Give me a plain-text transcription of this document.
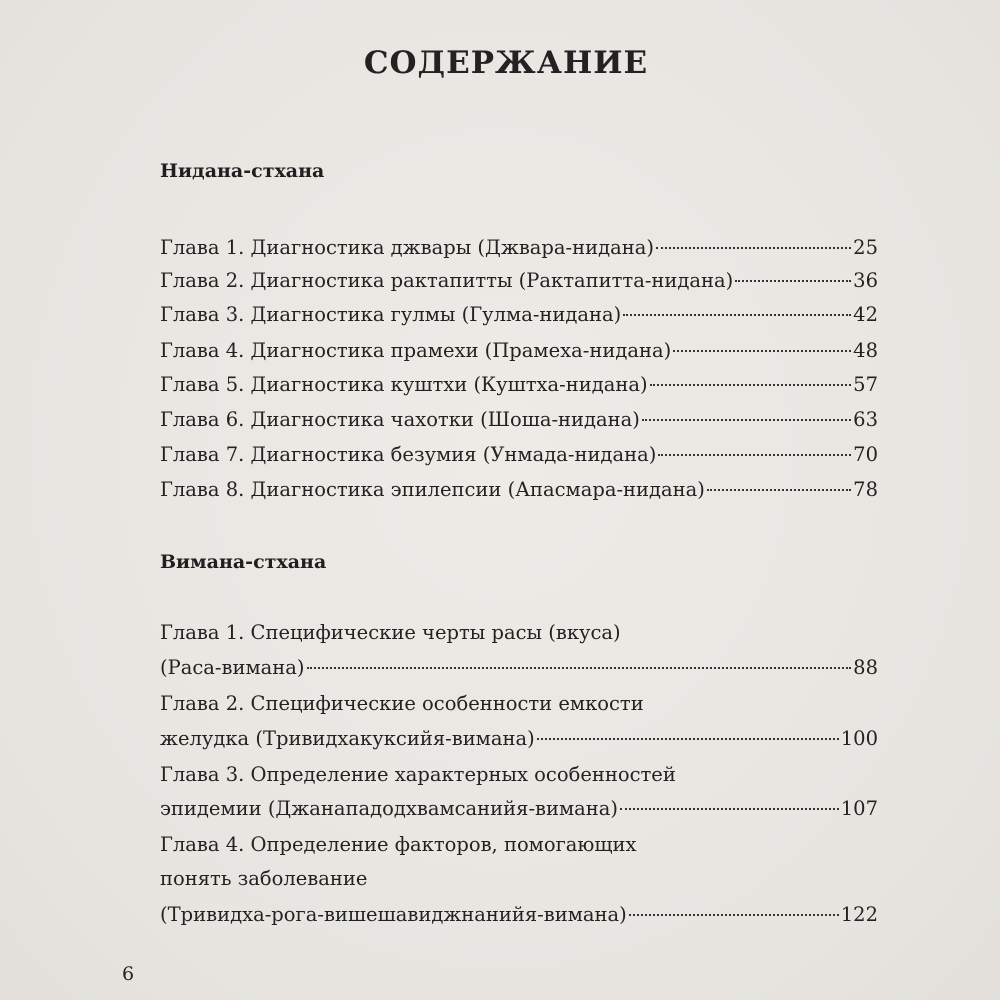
СОДЕРЖАНИЕ
Нидана-стхана
Глава 1. Диагностика джвары (Джвара-нидана)	25
Глава 2. Диагностика рактапитты (Рактапитта-нидана)	36
Глава 3. Диагностика гулмы (Гулма-нидана)	42
Глава 4. Диагностика прамехи (Прамеха-нидана)	48
Глава 5. Диагностика куштхи (Куштха-нидана)	57
Глава 6. Диагностика чахотки (Шоша-нидана)	63
Глава 7. Диагностика безумия (Унмада-нидана)	70
Глава 8. Диагностика эпилепсии (Апасмара-нидана)	78
Вимана-стхана
Глава 1. Специфические черты расы (вкуса)
(Раса-вимана)	88
Глава 2. Специфические особенности емкости
желудка (Тривидхакуксийя-вимана)	100
Глава 3. Определение характерных особенностей
эпидемии (Джанападодхвамсанийя-вимана)	107
Глава 4. Определение факторов, помогающих
понять заболевание
(Тривидха-рога-вишешавиджнанийя-вимана)	122
6
